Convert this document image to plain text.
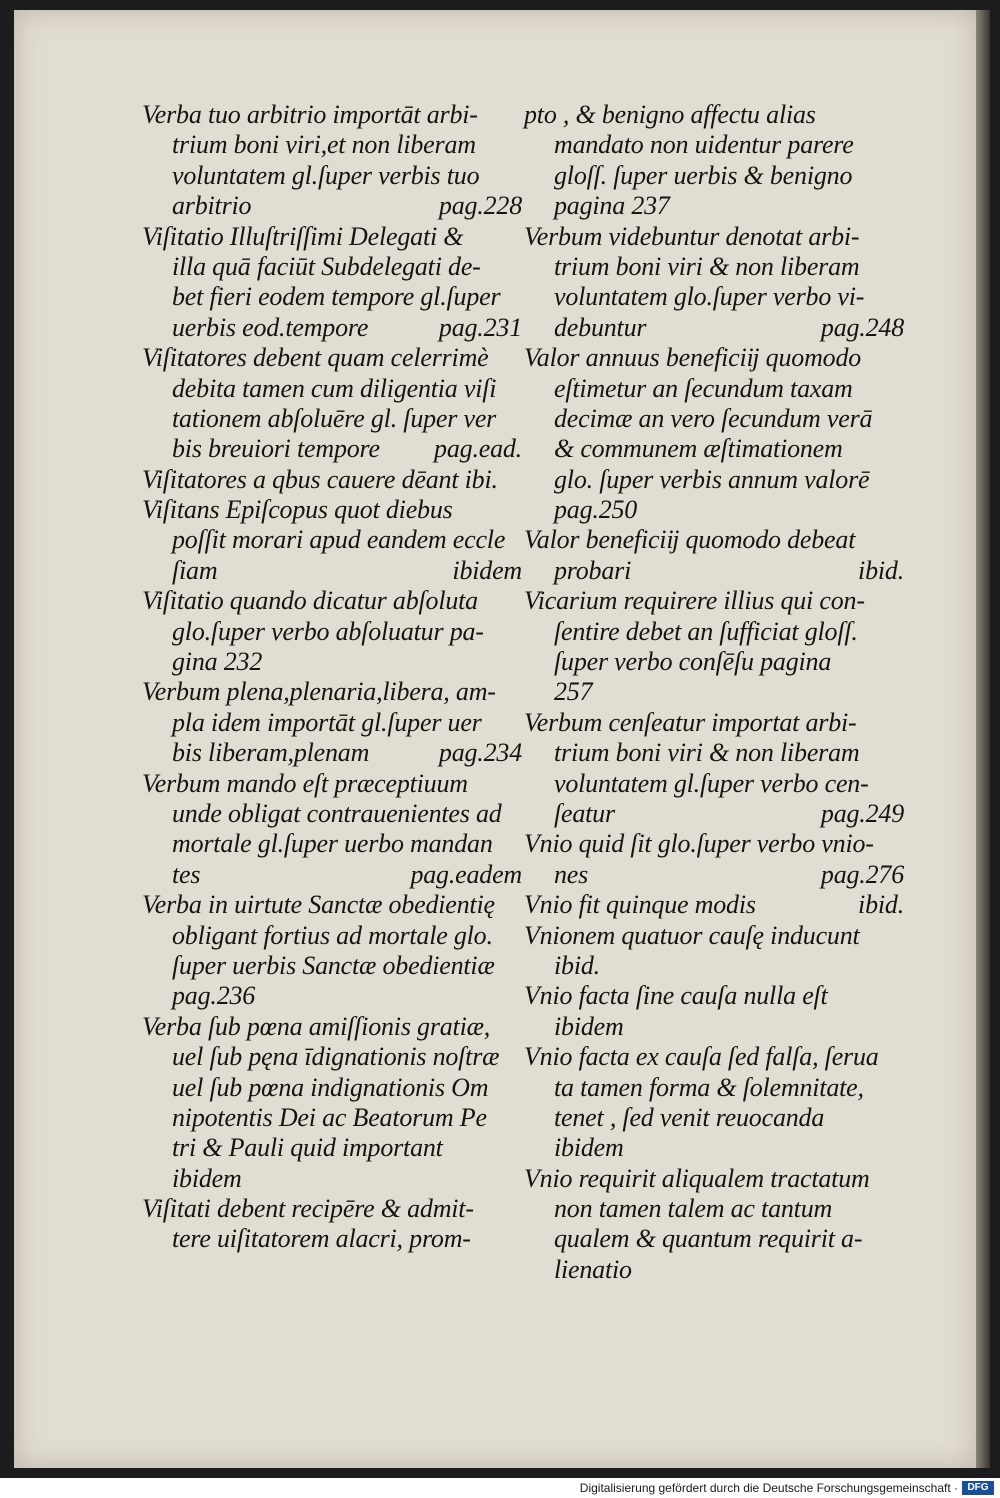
Verba tuo arbitrio importāt arbi-
trium boni viri,et non liberam
voluntatem gl.ſuper verbis tuo
arbitrio	pag.228
Viſitatio Illuſtriſſimi Delegati &
illa quā faciūt Subdelegati de-
bet fieri eodem tempore gl.ſuper
uerbis eod.tempore	pag.231
Viſitatores debent quam celerrimè
debita tamen cum diligentia viſi
tationem abſoluēre gl. ſuper ver
bis breuiori tempore pag.ead.
Viſitatores a qbus cauere dēant ibi.
Viſitans Epiſcopus quot diebus
poſſit morari apud eandem eccle
ſiam	ibidem
Viſitatio quando dicatur abſoluta
glo.ſuper verbo abſoluatur pa-
gina 232
Verbum plena,plenaria,libera, am-
pla idem importāt gl.ſuper uer
bis liberam,plenam	pag.234
Verbum mando eſt præceptiuum
unde obligat contrauenientes ad
mortale gl.ſuper uerbo mandan
tes	pag.eadem
Verba in uirtute Sanctæ obedientię
obligant fortius ad mortale glo.
ſuper uerbis Sanctæ obedientiæ
pag.236
Verba ſub pœna amiſſionis gratiæ,
uel ſub pęna īdignationis noſtræ
uel ſub pœna indignationis Om
nipotentis Dei ac Beatorum Pe
tri & Pauli quid important
ibidem
Viſitati debent recipēre & admit-
tere uiſitatorem alacri, prom-
pto , & benigno affectu alias
mandato non uidentur parere
gloſſ. ſuper uerbis & benigno
pagina 237
Verbum videbuntur denotat arbi-
trium boni viri & non liberam
voluntatem glo.ſuper verbo vi-
debuntur	pag.248
Valor annuus beneficiĳ quomodo
eſtimetur an ſecundum taxam
decimæ an vero ſecundum verā
& communem æſtimationem
glo. ſuper verbis annum valorē
pag.250
Valor beneficiĳ quomodo debeat
probari	ibid.
Vicarium requirere illius qui con-
ſentire debet an ſufficiat gloſſ.
ſuper verbo conſēſu pagina
257
Verbum cenſeatur importat arbi-
trium boni viri & non liberam
voluntatem gl.ſuper verbo cen-
ſeatur	pag.249
Vnio quid ſit glo.ſuper verbo vnio-
nes	pag.276
Vnio fit quinque modis	ibid.
Vnionem quatuor cauſę inducunt
ibid.
Vnio facta ſine cauſa nulla eſt
ibidem
Vnio facta ex cauſa ſed falſa, ſerua
ta tamen forma & ſolemnitate,
tenet , ſed venit reuocanda
ibidem
Vnio requirit aliqualem tractatum
non tamen talem ac tantum
qualem & quantum requirit a-
lienatio
Digitalisierung gefördert durch die Deutsche Forschungsgemeinschaft · DFG
